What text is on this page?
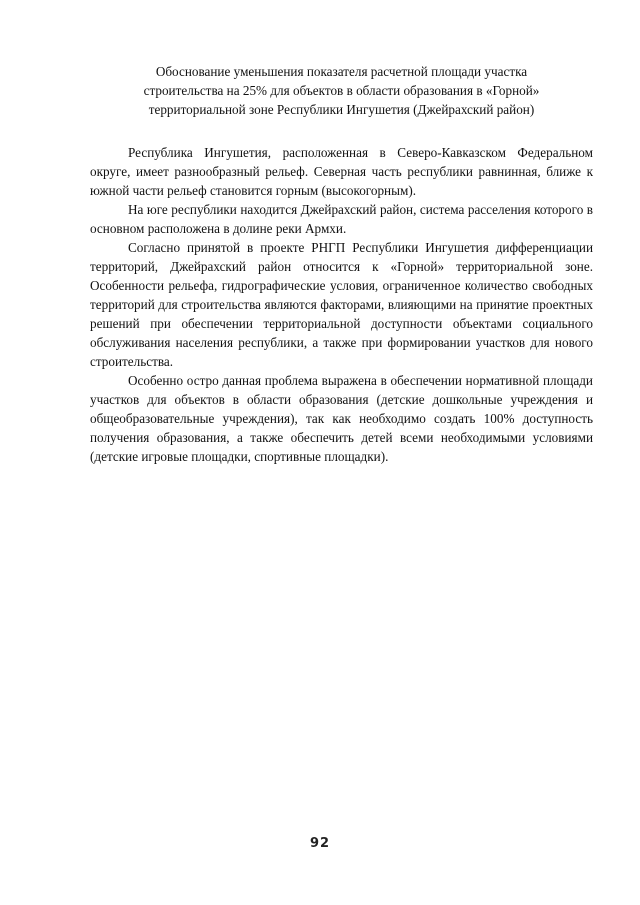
Обоснование уменьшения показателя расчетной площади участка
строительства на 25% для объектов в области образования в «Горной»
территориальной зоне Республики Ингушетия (Джейрахский район)

Республика Ингушетия, расположенная в Северо-Кавказском Федеральном округе, имеет разнообразный рельеф. Северная часть республики равнинная, ближе к южной части рельеф становится горным (высокогорным).

На юге республики находится Джейрахский район, система расселения которого в основном расположена в долине реки Армхи.

Согласно принятой в проекте РНГП Республики Ингушетия дифференциации территорий, Джейрахский район относится к «Горной» территориальной зоне. Особенности рельефа, гидрографические условия, ограниченное количество свободных территорий для строительства являются факторами, влияющими на принятие проектных решений при обеспечении территориальной доступности объектами социального обслуживания населения республики, а также при формировании участков для нового строительства.

Особенно остро данная проблема выражена в обеспечении нормативной площади участков для объектов в области образования (детские дошкольные учреждения и общеобразовательные учреждения), так как необходимо создать 100% доступность получения образования, а также обеспечить детей всеми необходимыми условиями (детские игровые площадки, спортивные площадки).

92
